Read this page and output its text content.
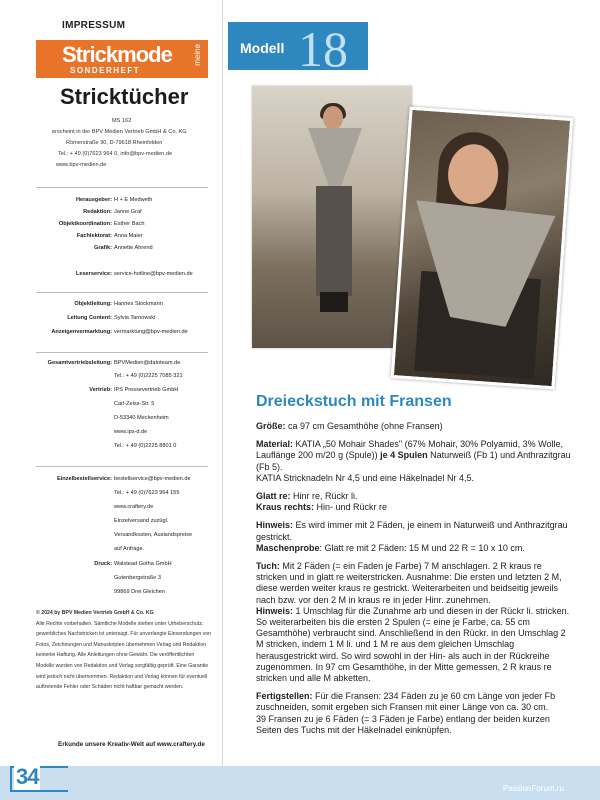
IMPRESSUM
Strickmode	meine
SONDERHEFT
Stricktücher
MS 162
erscheint in der BPV Medien Vertrieb GmbH & Co. KG
Römerstraße 90, D-79618 Rheinfelden
Tel.: + 49 (0)7623 964 0, info@bpv-medien.de
www.bpv-medien.de
Herausgeber: H + E Medweth
Redaktion: Janne Graf
Objektkoordination: Esther Bach
Fachlektorat: Anna Maier
Grafik: Annette Ahrend
Leserservice: service-hotline@bpv-medien.de
Objektleitung: Hannes Stockmann
Leitung Content: Sylvia Tarnowski
Anzeigenvermarktung: vermarktung@bpv-medien.de
Gesamtvertriebsleitung: BPVMedien@datoteam.de
Tel.: + 49 (0)2225 7085 321
Vertrieb: IPS Pressevertrieb GmbH
Carl-Zeiss-Str. 5
D-53340 Meckenheim
www.ips-d.de
Tel.: + 49 (0)2225 8801 0
Einzelbestellservice: bestellservice@bpv-medien.de
Tel.: + 49 (0)7623 964 155
www.craftery.de
Einzelversand zuzügl.
Versandkosten, Auslandspreise
auf Anfrage.
Druck: Walstead Gotha GmbH
Gutenbergstraße 3
99869 Drei Gleichen
© 2024 by BPV Medien Vertrieb GmbH & Co. KG
Alle Rechte vorbehalten. Sämtliche Modelle stehen unter Urheberschutz, gewerbliches Nachstricken ist untersagt. Für unverlangte Einsendungen von Fotos, Zeichnungen und Manuskripten übernehmen Verlag und Redaktion keinerlei Haftung. Alle Anleitungen ohne Gewähr. Die veröffentlichten Modelle wurden von Redaktion und Verlag sorgfältig geprüft. Eine Garantie wird jedoch nicht übernommen. Redaktion und Verlag können für eventuell auftretende Fehler oder Schäden nicht haftbar gemacht werden.
Erkunde unsere Kreativ-Welt auf www.craftery.de
Modell 18
Dreieckstuch mit Fransen

Größe: ca 97 cm Gesamthöhe (ohne Fransen)

Material: KATIA „50 Mohair Shades" (67% Mohair, 30% Polyamid, 3% Wolle, Lauflänge 200 m/20 g (Spule)) je 4 Spulen Naturweiß (Fb 1) und Anthrazitgrau (Fb 5).
KATIA Stricknadeln Nr 4,5 und eine Häkelnadel Nr 4,5.

Glatt re: Hinr re, Rückr li.
Kraus rechts: Hin- und Rückr re

Hinweis: Es wird immer mit 2 Fäden, je einem in Naturweiß und Anthrazitgrau gestrickt.
Maschenprobe: Glatt re mit 2 Fäden: 15 M und 22 R = 10 x 10 cm.

Tuch: Mit 2 Fäden (= ein Faden je Farbe) 7 M anschlagen. 2 R kraus re stricken und in glatt re weiterstricken. Ausnahme: Die ersten und letzten 2 M, diese werden weiter kraus re gestrickt. Weiterarbeiten und beidseitig jeweils nach bzw. vor den 2 M in kraus re in jeder Hinr. zunehmen.
Hinweis: 1 Umschlag für die Zunahme arb und diesen in der Rückr li. stricken. So weiterarbeiten bis die ersten 2 Spulen (= eine je Farbe, ca. 55 cm Gesamthöhe) verbraucht sind. Anschließend in den Rückr. in den Umschlag 2 M stricken, indem 1 M li. und 1 M re aus dem gleichen Umschlag herausgestrickt wird. So wird sowohl in der Hin- als auch in der Rückreihe zugenommen. In 97 cm Gesamthöhe, in der Mitte gemessen, 2 R kraus re stricken und alle M abketten.

Fertigstellen: Für die Fransen: 234 Fäden zu je 60 cm Länge von jeder Fb zuschneiden, somit ergeben sich Fransen mit einer Länge von ca. 30 cm.
39 Fransen zu je 6 Fäden (= 3 Fäden je Farbe) entlang der beiden kurzen Seiten des Tuchs mit der Häkelnadel einknüpfen.

34	PassionForum.ru
